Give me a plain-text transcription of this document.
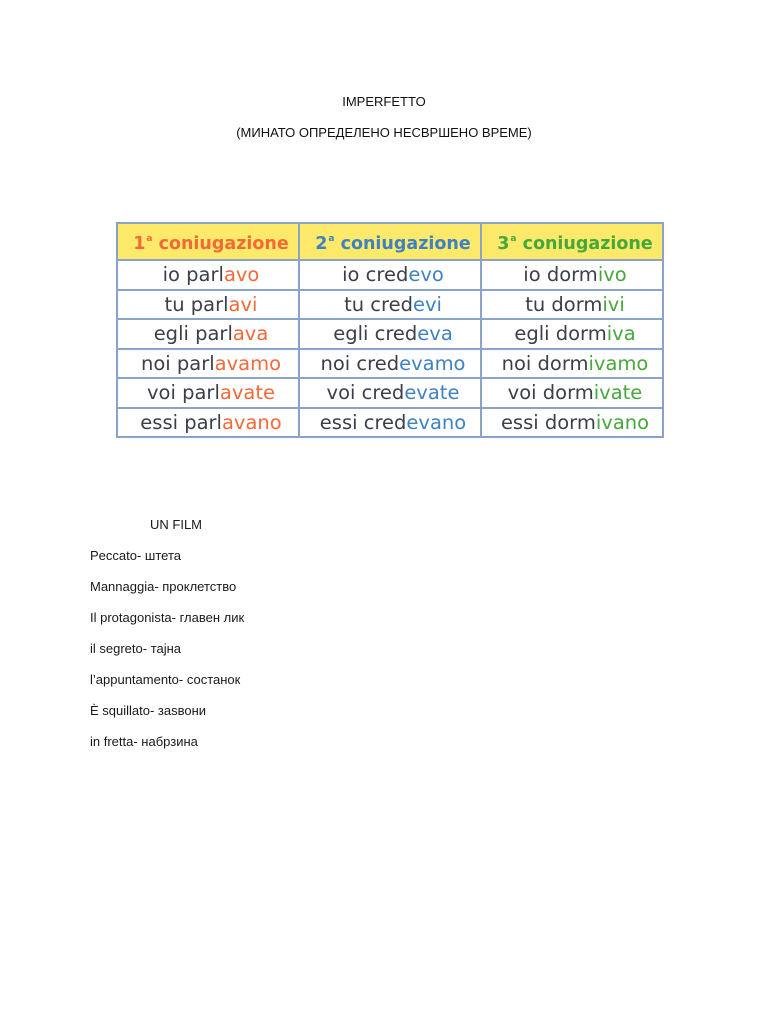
IMPERFETTO
(МИНАТО ОПРЕДЕЛЕНО НЕСВРШЕНО ВРЕМЕ)
1$^a$ coniugazione	2$^a$ coniugazione	3$^a$ coniugazione
io parlavo	io credevo	io dormivo
tu parlavi	tu credevi	tu dormivi
egli parlava	egli credeva	egli dormiva
noi parlavamo	noi credevamo	noi dormivamo
voi parlavate	voi credevate	voi dormivate
essi parlavano	essi credevano	essi dormivano
UN FILM
Peccato- штета
Mannaggia- проклетство
Il protagonista- главен лик
il segreto- тајна
l’appuntamento- состанок
È squillato- заsвони
in fretta- набрзина
